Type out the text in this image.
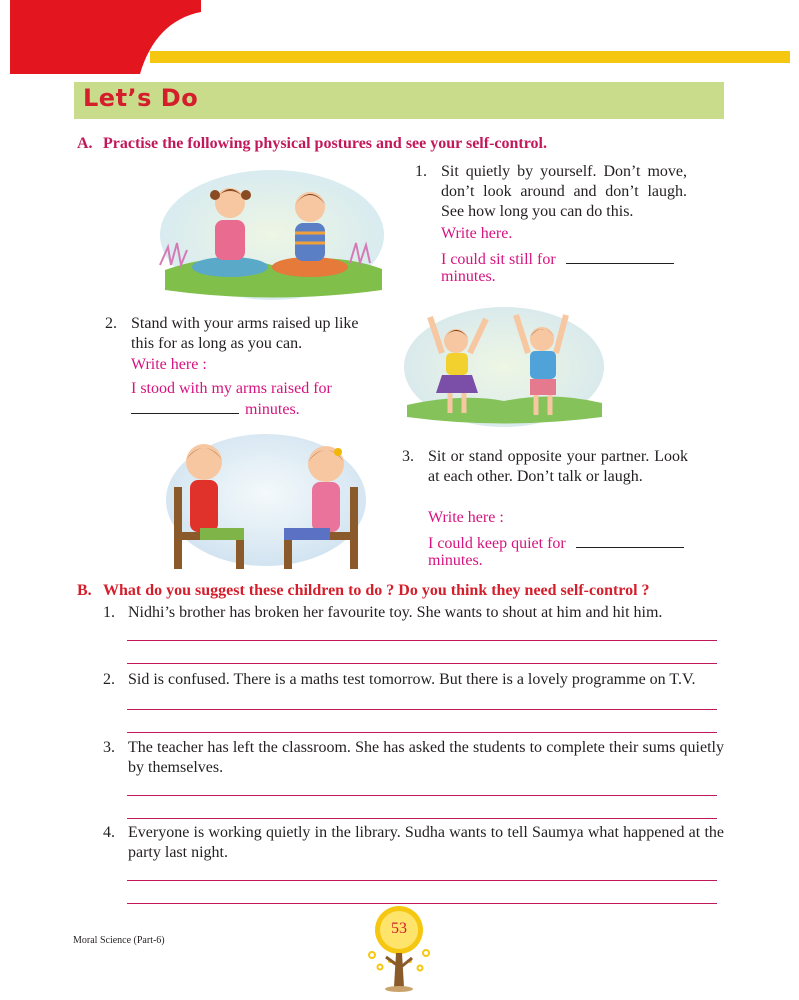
Let’s Do
A. Practise the following physical postures and see your self-control.
1. Sit quietly by yourself. Don’t move, don’t look around and don’t laugh. See how long you can do this.
Write here.
I could sit still for
minutes.
2. Stand with your arms raised up like this for as long as you can.
Write here :
I stood with my arms raised for
minutes.
3. Sit or stand opposite your partner. Look at each other. Don’t talk or laugh.
Write here :
I could keep quiet for
minutes.
B. What do you suggest these children to do ? Do you think they need self-control ?
1. Nidhi’s brother has broken her favourite toy. She wants to shout at him and hit him.
2. Sid is confused. There is a maths test tomorrow. But there is a lovely programme on T.V.
3. The teacher has left the classroom. She has asked the students to complete their sums quietly by themselves.
4. Everyone is working quietly in the library. Sudha wants to tell Saumya what happened at the party last night.
Moral Science (Part-6)
53
